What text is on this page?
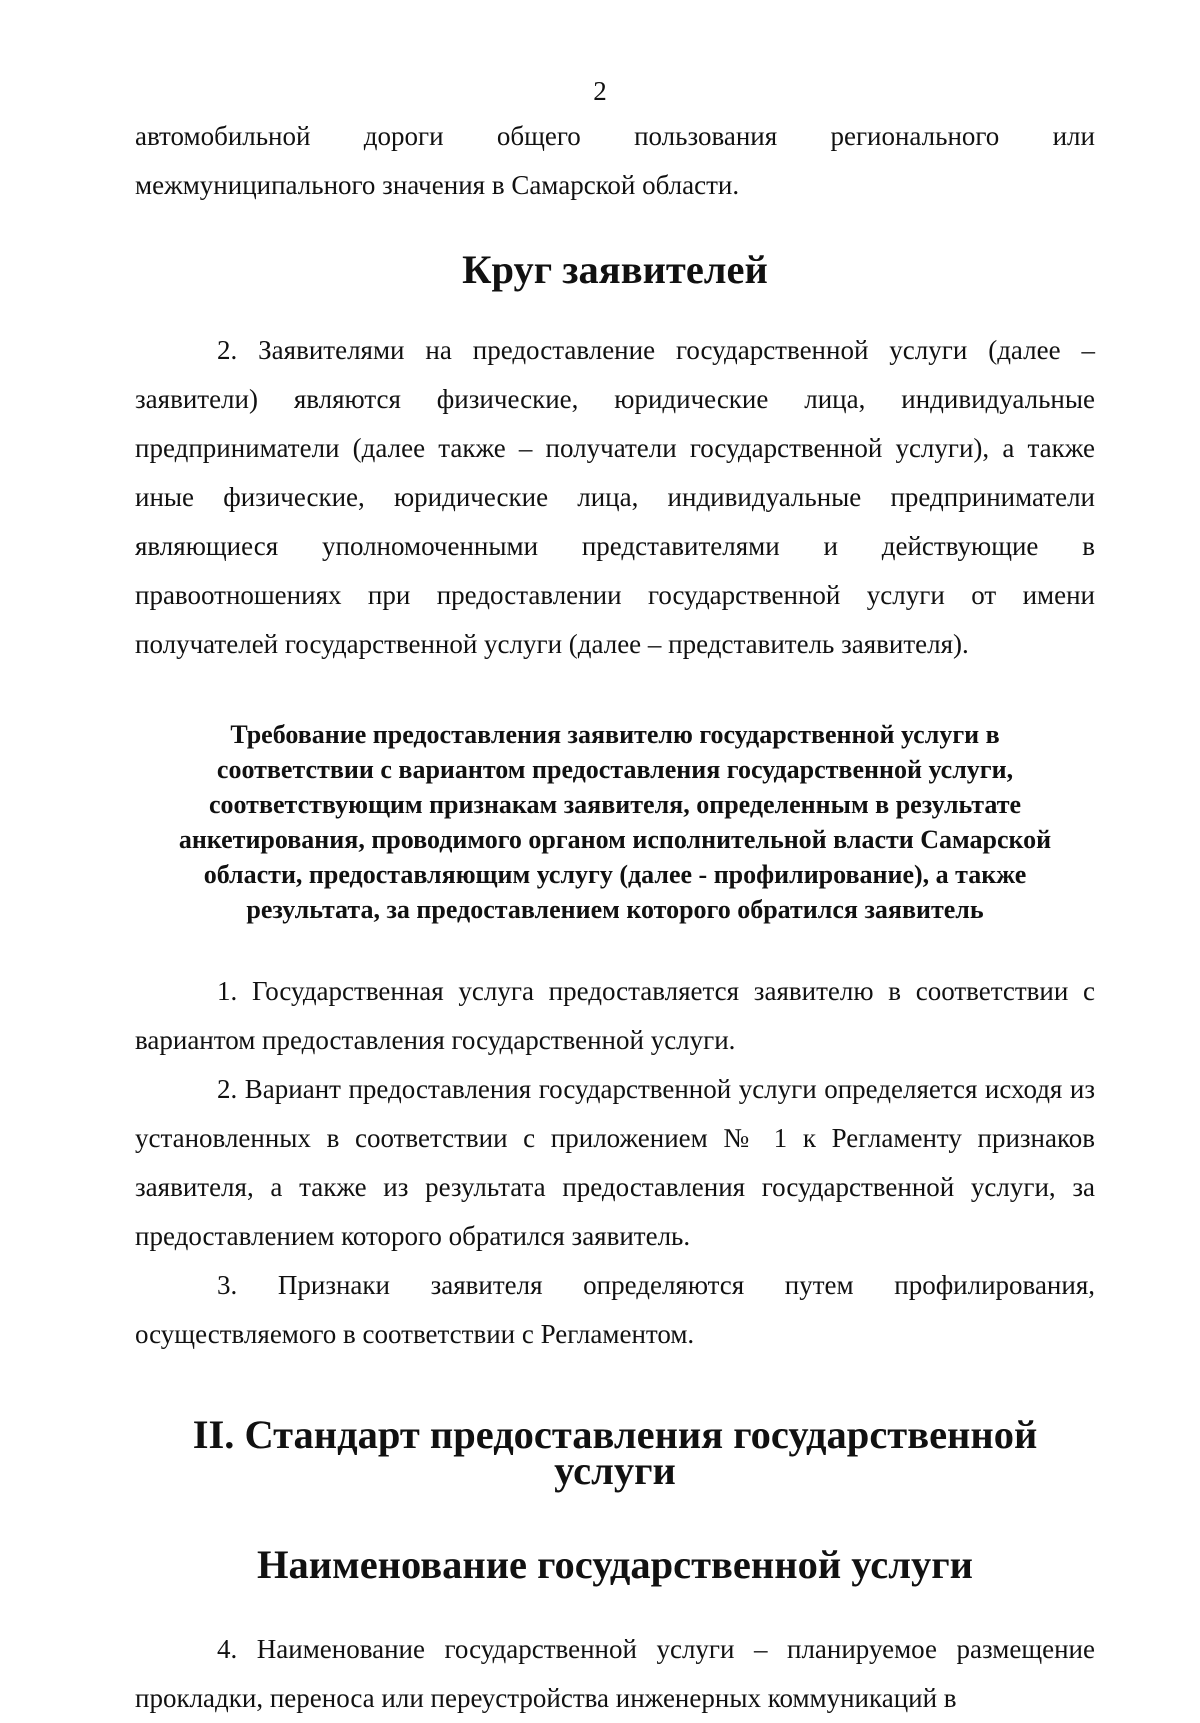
2

автомобильной дороги общего пользования регионального или межмуниципального значения в Самарской области.

Круг заявителей

2. Заявителями на предоставление государственной услуги (далее – заявители) являются физические, юридические лица, индивидуальные предприниматели (далее также – получатели государственной услуги), а также иные физические, юридические лица, индивидуальные предприниматели являющиеся уполномоченными представителями и действующие в правоотношениях при предоставлении государственной услуги от имени получателей государственной услуги (далее – представитель заявителя).

Требование предоставления заявителю государственной услуги в
соответствии с вариантом предоставления государственной услуги,
соответствующим признакам заявителя, определенным в результате
анкетирования, проводимого органом исполнительной власти Самарской
области, предоставляющим услугу (далее - профилирование), а также
результата, за предоставлением которого обратился заявитель

1. Государственная услуга предоставляется заявителю в соответствии с вариантом предоставления государственной услуги.

2. Вариант предоставления государственной услуги определяется исходя из установленных в соответствии с приложением № 1 к Регламенту признаков заявителя, а также из результата предоставления государственной услуги, за предоставлением которого обратился заявитель.

3. Признаки заявителя определяются путем профилирования, осуществляемого в соответствии с Регламентом.

II. Стандарт предоставления государственной услуги
Наименование государственной услуги

4. Наименование государственной услуги – планируемое размещение прокладки, переноса или переустройства инженерных коммуникаций в
